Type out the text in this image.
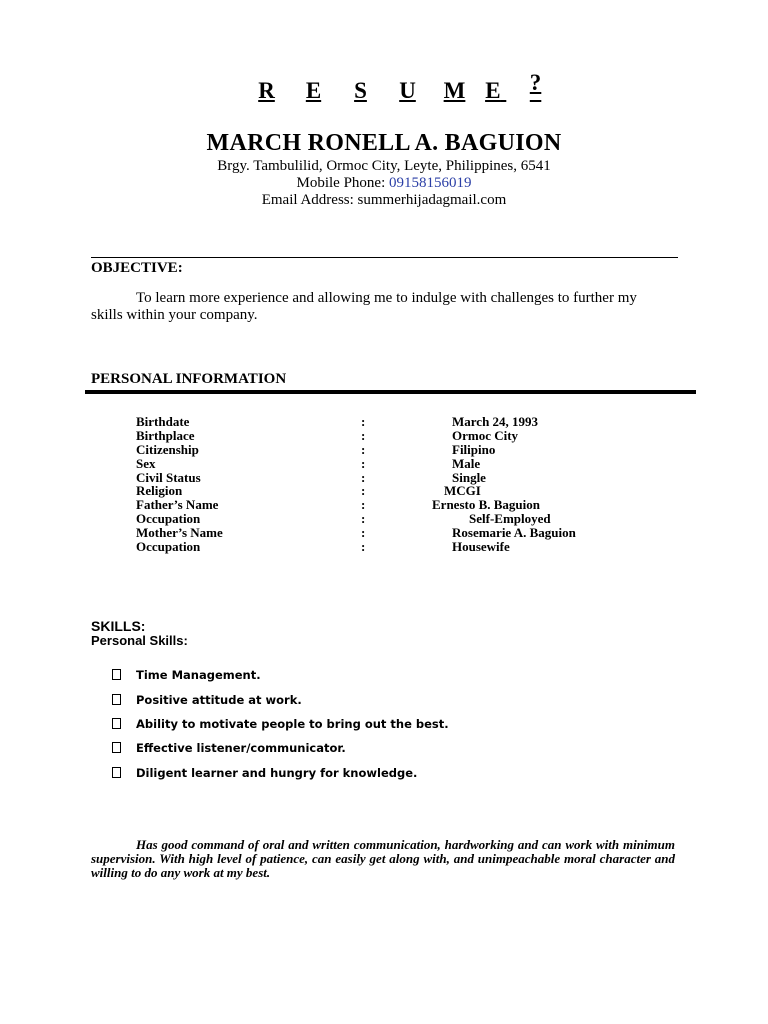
R	E	S	U	M E ?
MARCH RONELL A. BAGUION
Brgy. Tambulilid, Ormoc City, Leyte, Philippines, 6541
Mobile Phone: 09158156019
Email Address: summerhijadagmail.com
OBJECTIVE:
To learn more experience and allowing me to indulge with challenges to further my
skills within your company.
PERSONAL INFORMATION
Birthdate	:	March 24, 1993
Birthplace	:	Ormoc City
Citizenship	:	Filipino
Sex	:	Male
Civil Status	:	Single
Religion	:	MCGI
Father’s Name	:	Ernesto B. Baguion
Occupation	:	Self-Employed
Mother’s Name	:	Rosemarie A. Baguion
Occupation	:	Housewife
SKILLS:
Personal Skills:
Time Management.
Positive attitude at work.
Ability to motivate people to bring out the best.
Effective listener/communicator.
Diligent learner and hungry for knowledge.
Has good command of oral and written communication, hardworking and can work with minimum supervision. With high level of patience, can easily get along with, and unimpeachable moral character and willing to do any work at my best.
